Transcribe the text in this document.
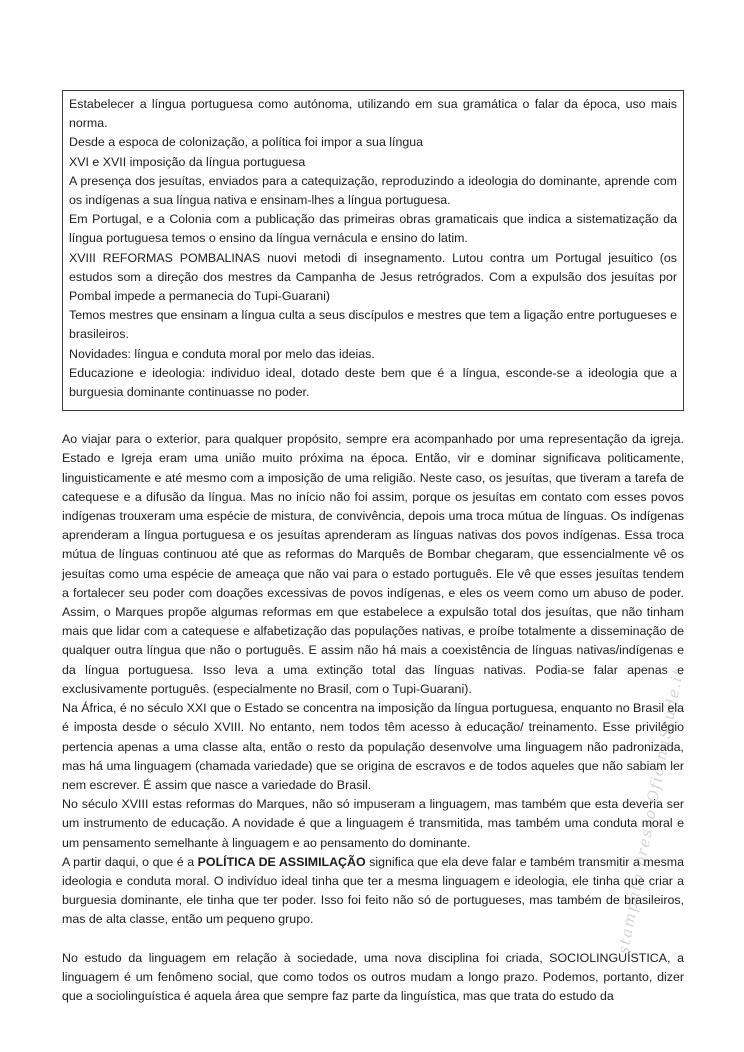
stampato presso OficinaStude.it

Estabelecer a língua portuguesa como autónoma, utilizando em sua gramática o falar da época, uso mais norma.

Desde a espoca de colonização, a política foi impor a sua língua

XVI e XVII imposição da língua portuguesa

A presença dos jesuítas, enviados para a catequização, reproduzindo a ideologia do dominante, aprende com os indígenas a sua língua nativa e ensinam-lhes a língua portuguesa.

Em Portugal, e a Colonia com a publicação das primeiras obras gramaticais que indica a sistematização da língua portuguesa temos o ensino da língua vernácula e ensino do latim.

XVIII REFORMAS POMBALINAS nuovi metodi di insegnamento. Lutou contra um Portugal jesuitico (os estudos som a direção dos mestres da Campanha de Jesus retrógrados. Com a expulsão dos jesuítas por Pombal impede a permanecia do Tupi-Guarani)

Temos mestres que ensinam a língua culta a seus discípulos e mestres que tem a ligação entre portugueses e brasileiros.

Novidades: língua e conduta moral por melo das ideias.

Educazione e ideologia: individuo ideal, dotado deste bem que é a língua, esconde-se a ideologia que a burguesia dominante continuasse no poder.

Ao viajar para o exterior, para qualquer propósito, sempre era acompanhado por uma representação da igreja. Estado e Igreja eram uma união muito próxima na época. Então, vir e dominar significava politicamente, linguisticamente e até mesmo com a imposição de uma religião. Neste caso, os jesuítas, que tiveram a tarefa de catequese e a difusão da língua. Mas no início não foi assim, porque os jesuítas em contato com esses povos indígenas trouxeram uma espécie de mistura, de convivência, depois uma troca mútua de línguas. Os indígenas aprenderam a língua portuguesa e os jesuítas aprenderam as línguas nativas dos povos indígenas. Essa troca mútua de línguas continuou até que as reformas do Marquês de Bombar chegaram, que essencialmente vê os jesuítas como uma espécie de ameaça que não vai para o estado português. Ele vê que esses jesuítas tendem a fortalecer seu poder com doações excessivas de povos indígenas, e eles os veem como um abuso de poder. Assim, o Marques propõe algumas reformas em que estabelece a expulsão total dos jesuítas, que não tinham mais que lidar com a catequese e alfabetização das populações nativas, e proíbe totalmente a disseminação de qualquer outra língua que não o português. E assim não há mais a coexistência de línguas nativas/indígenas e da língua portuguesa. Isso leva a uma extinção total das línguas nativas. Podia-se falar apenas e exclusivamente português. (especialmente no Brasil, com o Tupi-Guarani).

Na África, é no século XXI que o Estado se concentra na imposição da língua portuguesa, enquanto no Brasil ela é imposta desde o século XVIII. No entanto, nem todos têm acesso à educação/ treinamento. Esse privilégio pertencia apenas a uma classe alta, então o resto da população desenvolve uma linguagem não padronizada, mas há uma linguagem (chamada variedade) que se origina de escravos e de todos aqueles que não sabiam ler nem escrever. É assim que nasce a variedade do Brasil.

No século XVIII estas reformas do Marques, não só impuseram a linguagem, mas também que esta deveria ser um instrumento de educação. A novidade é que a linguagem é transmitida, mas também uma conduta moral e um pensamento semelhante à linguagem e ao pensamento do dominante.

A partir daqui, o que é a POLÍTICA DE ASSIMILAÇÃO significa que ela deve falar e também transmitir a mesma ideologia e conduta moral. O indivíduo ideal tinha que ter a mesma linguagem e ideologia, ele tinha que criar a burguesia dominante, ele tinha que ter poder. Isso foi feito não só de portugueses, mas também de brasileiros, mas de alta classe, então um pequeno grupo.

No estudo da linguagem em relação à sociedade, uma nova disciplina foi criada, SOCIOLINGUÍSTICA, a linguagem é um fenômeno social, que como todos os outros mudam a longo prazo. Podemos, portanto, dizer que a sociolinguística é aquela área que sempre faz parte da linguística, mas que trata do estudo da
